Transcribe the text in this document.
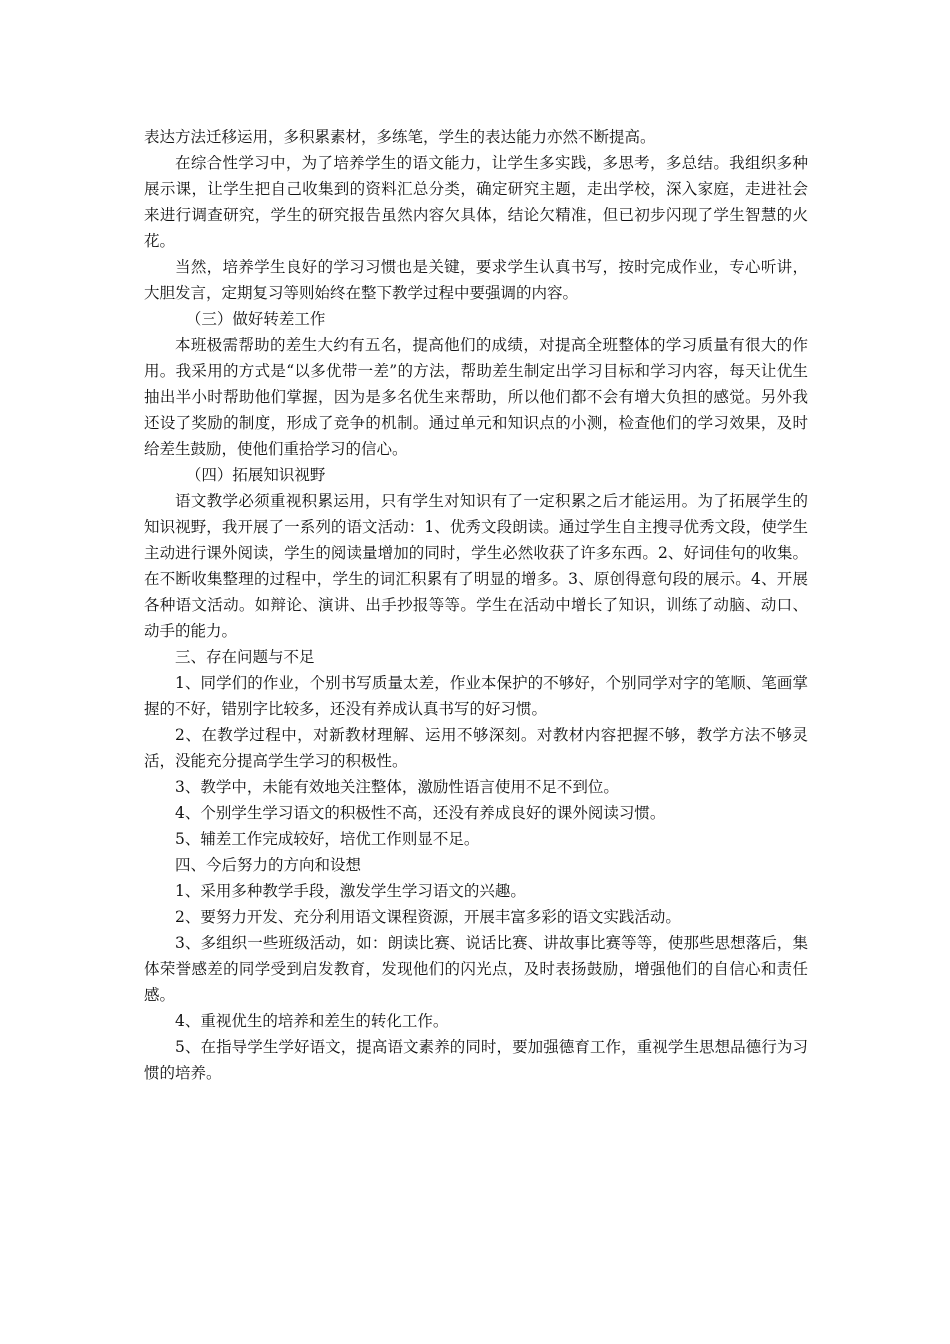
表达方法迁移运用，多积累素材，多练笔，学生的表达能力亦然不断提高。

在综合性学习中，为了培养学生的语文能力，让学生多实践，多思考，多总结。我组织多种展示课，让学生把自己收集到的资料汇总分类，确定研究主题，走出学校，深入家庭，走进社会来进行调查研究，学生的研究报告虽然内容欠具体，结论欠精准，但已初步闪现了学生智慧的火花。

当然，培养学生良好的学习习惯也是关键，要求学生认真书写，按时完成作业，专心听讲，大胆发言，定期复习等则始终在整下教学过程中要强调的内容。

（三）做好转差工作

本班极需帮助的差生大约有五名，提高他们的成绩，对提高全班整体的学习质量有很大的作用。我采用的方式是“以多优带一差”的方法，帮助差生制定出学习目标和学习内容，每天让优生抽出半小时帮助他们掌握，因为是多名优生来帮助，所以他们都不会有增大负担的感觉。另外我还设了奖励的制度，形成了竞争的机制。通过单元和知识点的小测，检查他们的学习效果，及时给差生鼓励，使他们重拾学习的信心。

（四）拓展知识视野

语文教学必须重视积累运用，只有学生对知识有了一定积累之后才能运用。为了拓展学生的知识视野，我开展了一系列的语文活动：1、优秀文段朗读。通过学生自主搜寻优秀文段，使学生主动进行课外阅读，学生的阅读量增加的同时，学生必然收获了许多东西。2、好词佳句的收集。在不断收集整理的过程中，学生的词汇积累有了明显的增多。3、原创得意句段的展示。4、开展各种语文活动。如辩论、演讲、出手抄报等等。学生在活动中增长了知识，训练了动脑、动口、动手的能力。

三、存在问题与不足

1、同学们的作业，个别书写质量太差，作业本保护的不够好，个别同学对字的笔顺、笔画掌握的不好，错别字比较多，还没有养成认真书写的好习惯。

2、在教学过程中，对新教材理解、运用不够深刻。对教材内容把握不够，教学方法不够灵活，没能充分提高学生学习的积极性。

3、教学中，未能有效地关注整体，激励性语言使用不足不到位。

4、个别学生学习语文的积极性不高，还没有养成良好的课外阅读习惯。

5、辅差工作完成较好，培优工作则显不足。

四、今后努力的方向和设想

1、采用多种教学手段，激发学生学习语文的兴趣。

2、要努力开发、充分利用语文课程资源，开展丰富多彩的语文实践活动。

3、多组织一些班级活动，如：朗读比赛、说话比赛、讲故事比赛等等，使那些思想落后，集体荣誉感差的同学受到启发教育，发现他们的闪光点，及时表扬鼓励，增强他们的自信心和责任感。

4、重视优生的培养和差生的转化工作。

5、在指导学生学好语文，提高语文素养的同时，要加强德育工作，重视学生思想品德行为习惯的培养。
